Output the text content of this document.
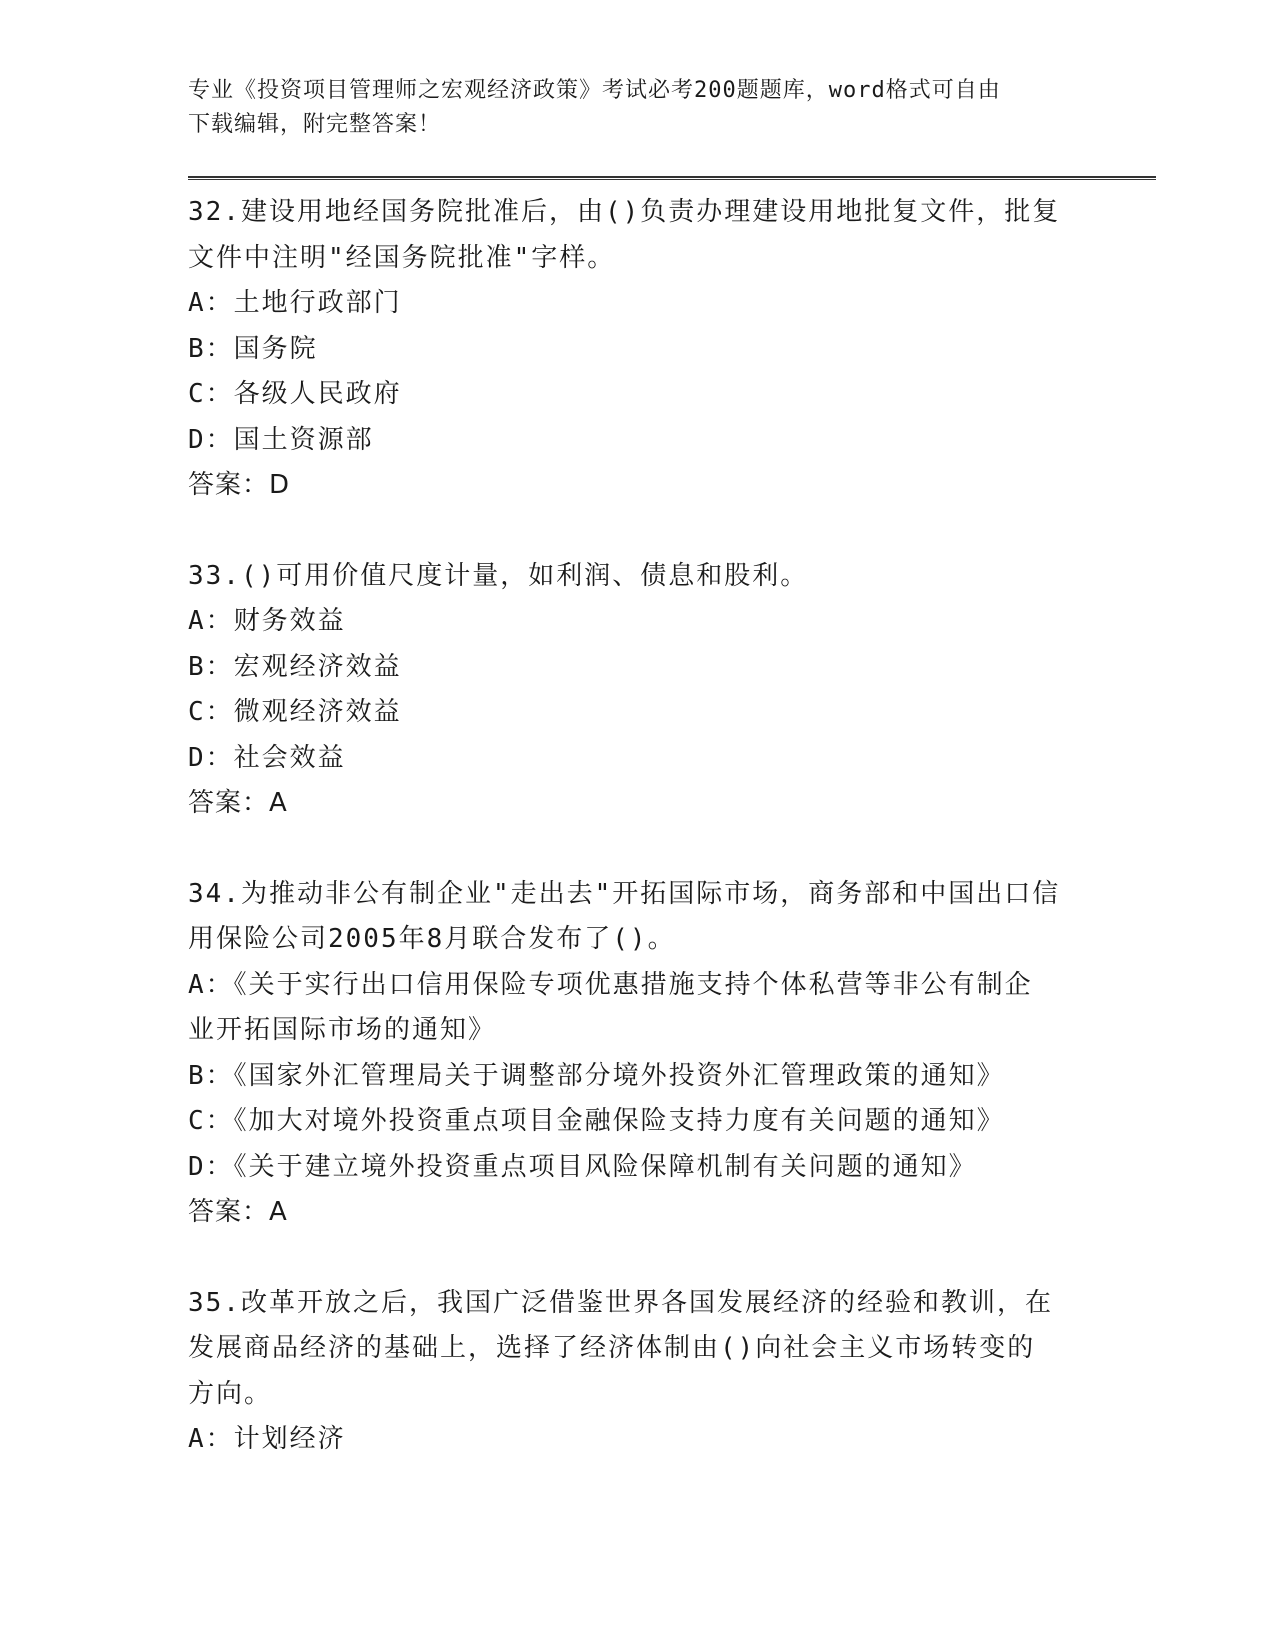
专业《投资项目管理师之宏观经济政策》考试必考200题题库，word格式可自由
下载编辑，附完整答案！

32.建设用地经国务院批准后，由()负责办理建设用地批复文件，批复

文件中注明"经国务院批准"字样。

A：土地行政部门

B：国务院

C：各级人民政府

D：国土资源部

答案：D

33.()可用价值尺度计量，如利润、债息和股利。

A：财务效益

B：宏观经济效益

C：微观经济效益

D：社会效益

答案：A

34.为推动非公有制企业"走出去"开拓国际市场，商务部和中国出口信

用保险公司2005年8月联合发布了()。

A：《关于实行出口信用保险专项优惠措施支持个体私营等非公有制企

业开拓国际市场的通知》

B：《国家外汇管理局关于调整部分境外投资外汇管理政策的通知》

C：《加大对境外投资重点项目金融保险支持力度有关问题的通知》

D：《关于建立境外投资重点项目风险保障机制有关问题的通知》

答案：A

35.改革开放之后，我国广泛借鉴世界各国发展经济的经验和教训，在

发展商品经济的基础上，选择了经济体制由()向社会主义市场转变的

方向。

A：计划经济
